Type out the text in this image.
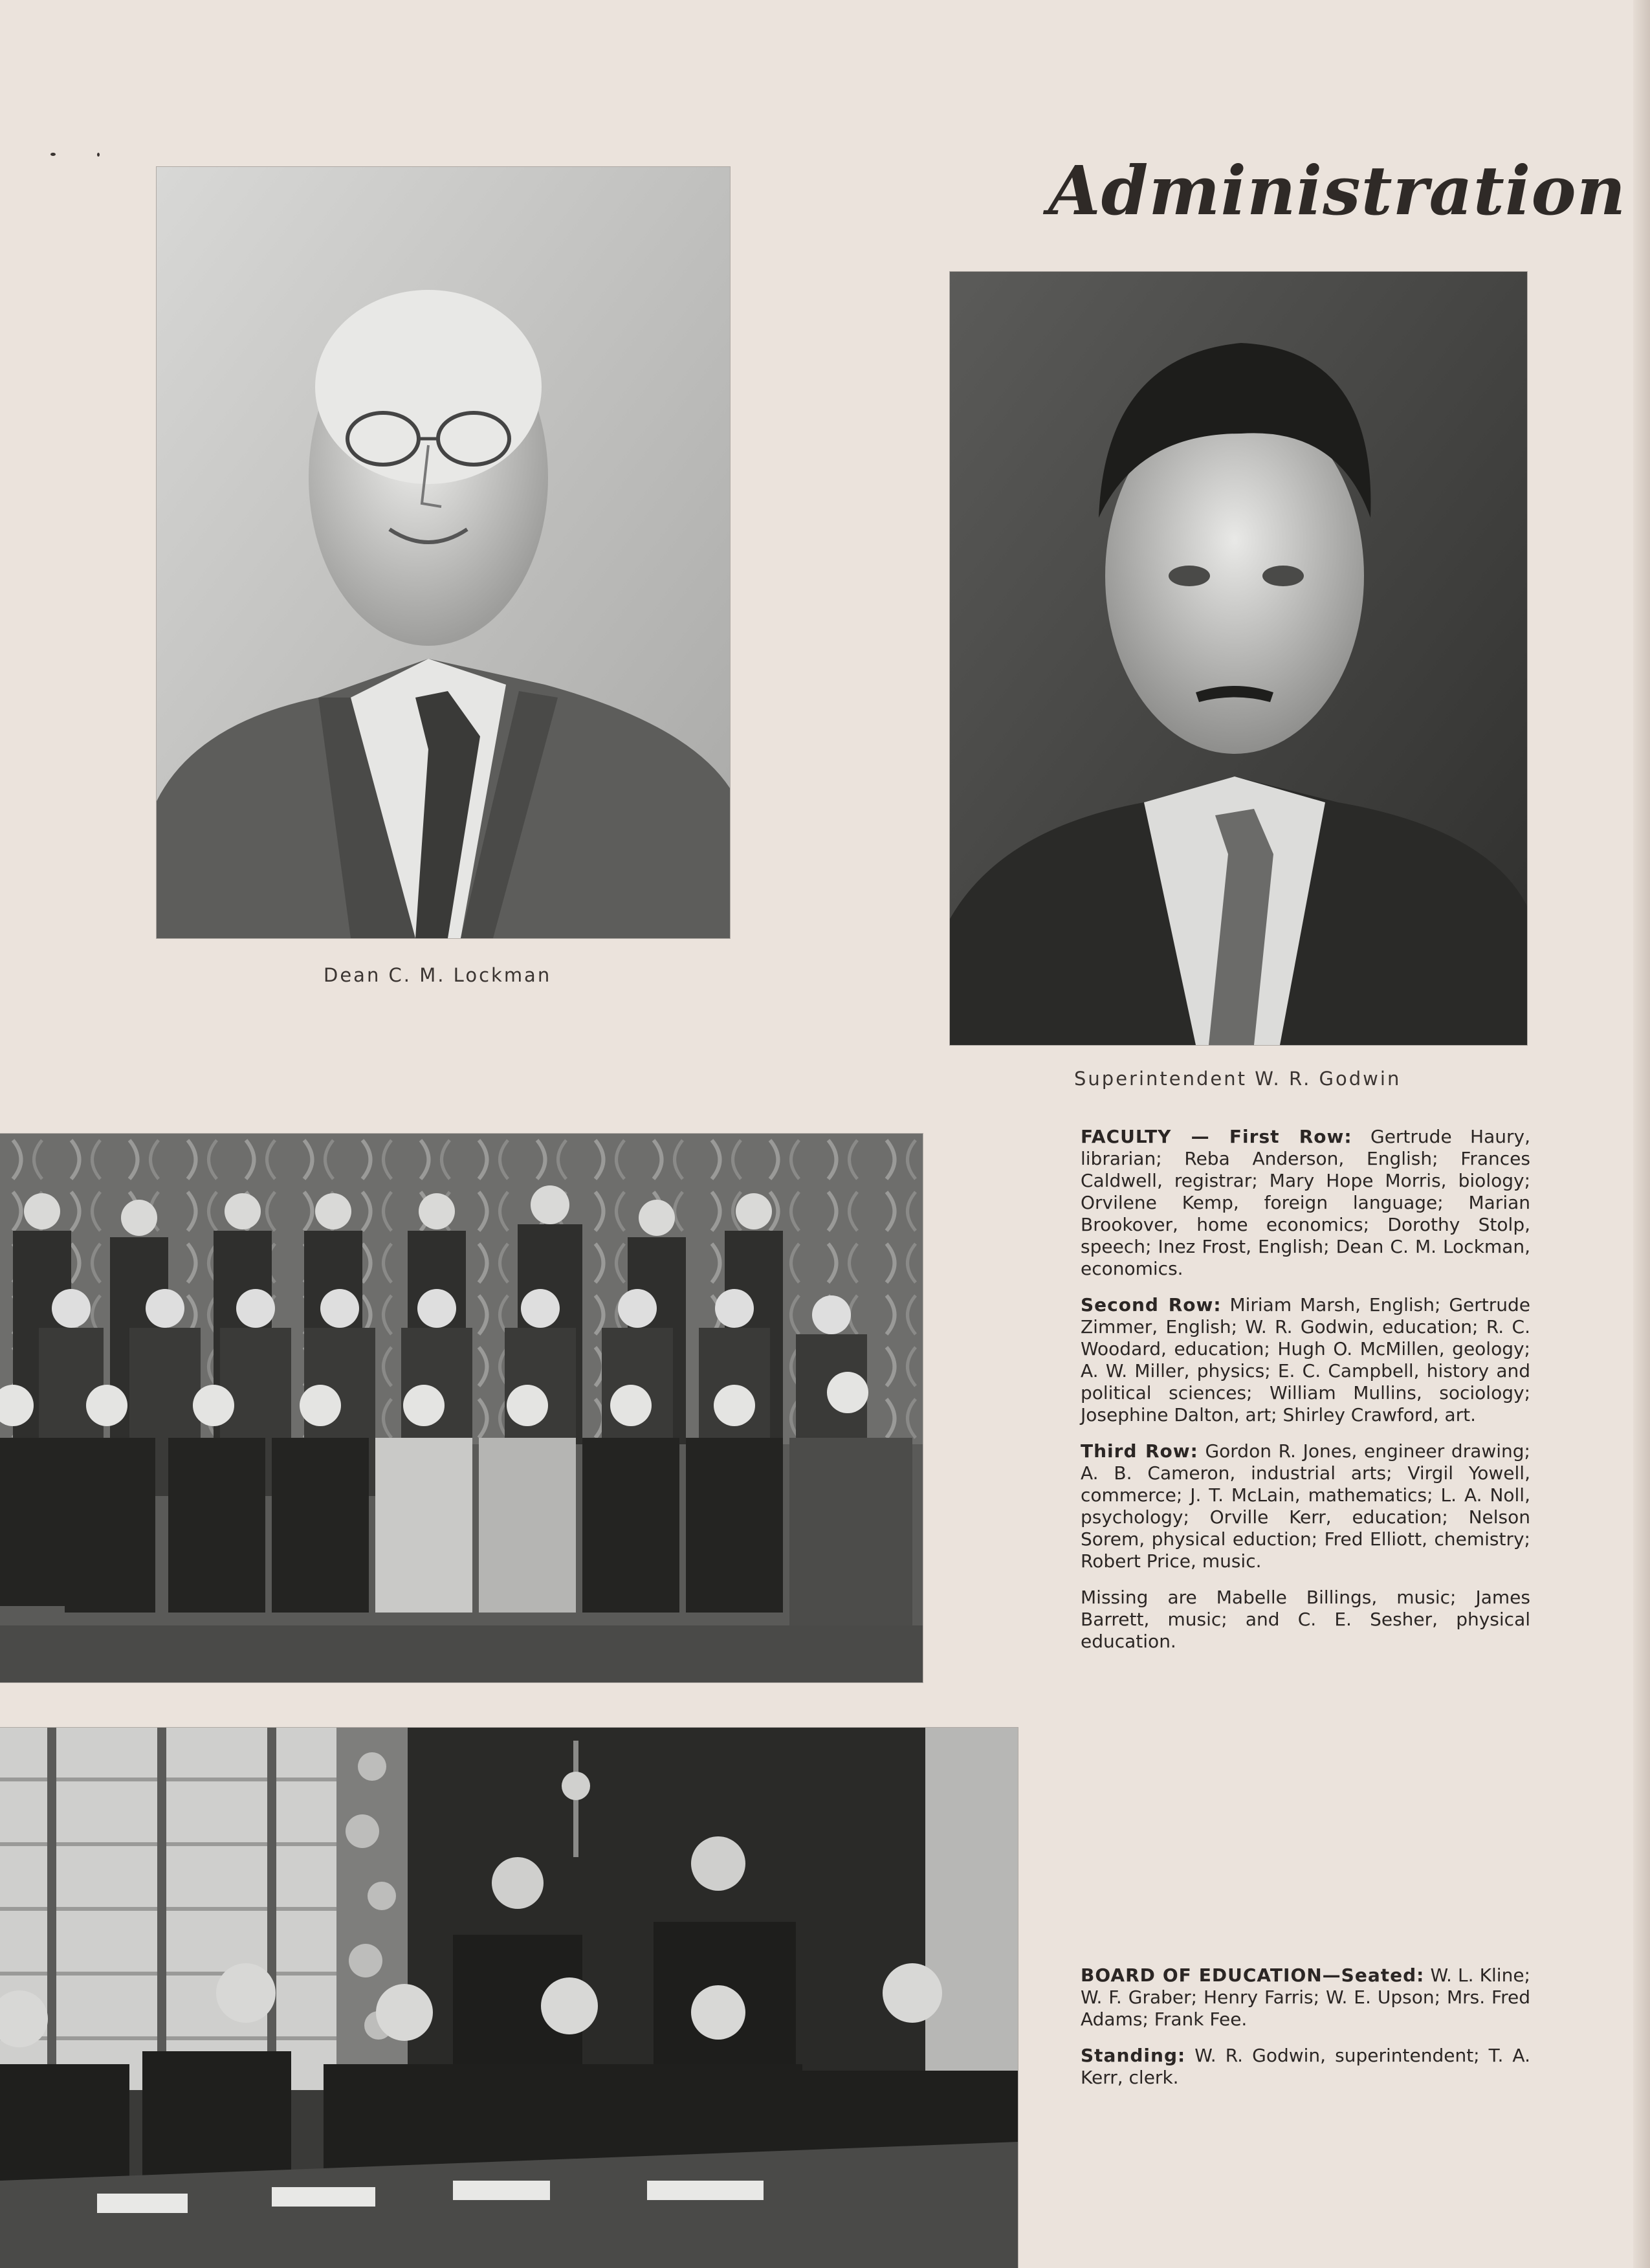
Administration
Dean C. M. Lockman
Superintendent W. R. Godwin

FACULTY — First Row: Gertrude Haury, librarian; Reba Anderson, English; Frances Caldwell, registrar; Mary Hope Morris, biology; Orvilene Kemp, foreign language; Marian Brookover, home economics; Dorothy Stolp, speech; Inez Frost, English; Dean C. M. Lockman, economics.

Second Row: Miriam Marsh, English; Gertrude Zimmer, English; W. R. Godwin, education; R. C. Woodard, education; Hugh O. McMillen, geology; A. W. Miller, physics; E. C. Campbell, history and political sciences; William Mullins, sociology; Josephine Dalton, art; Shirley Crawford, art.

Third Row: Gordon R. Jones, engineer drawing; A. B. Cameron, industrial arts; Virgil Yowell, commerce; J. T. McLain, mathematics; L. A. Noll, psychology; Orville Kerr, education; Nelson Sorem, physical eduction; Fred Elliott, chemistry; Robert Price, music.

Missing are Mabelle Billings, music; James Barrett, music; and C. E. Sesher, physical education.

BOARD OF EDUCATION—Seated: W. L. Kline; W. F. Graber; Henry Farris; W. E. Upson; Mrs. Fred Adams; Frank Fee.

Standing: W. R. Godwin, superintendent; T. A. Kerr, clerk.
